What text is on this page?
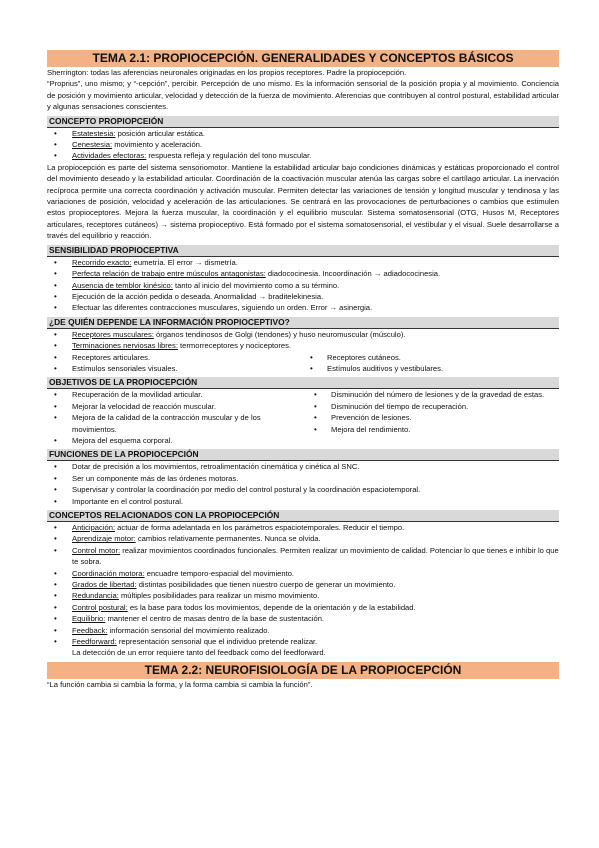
TEMA 2.1: PROPIOCEPCIÓN. GENERALIDADES Y CONCEPTOS BÁSICOS

Sherrington: todas las aferencias neuronales originadas en los propios receptores. Padre la propiocepción.

“Proprius”, uno mismo; y “-cepción”, percibir. Percepción de uno mismo. Es la información sensorial de la posición propia y al movimiento. Conciencia de posición y movimiento articular, velocidad y detección de la fuerza de movimiento. Aferencias que contribuyen al control postural, estabilidad articular y algunas sensaciones conscientes.

CONCEPTO PROPIOPCEIÓN
• Estatestesia: posición articular estática.
• Cenestesia: movimiento y aceleración.
• Actividades efectoras: respuesta refleja y regulación del tono muscular.

La propiocepción es parte del sistema sensoriomotor. Mantiene la estabilidad articular bajo condiciones dinámicas y estáticas proporcionado el control del movimiento deseado y la estabilidad articular. Coordinación de la coactivación muscular atenúa las cargas sobre el cartílago articular. La inervación recíproca permite una correcta coordinación y activación muscular. Permiten detectar las variaciones de tensión y longitud muscular y tendinosa y las variaciones de posición, velocidad y aceleración de las articulaciones. Se centrará en las provocaciones de perturbaciones o cambios que estimulen estos propioceptores. Mejora la fuerza muscular, la coordinación y el equilibrio muscular. Sistema somatosensorial (OTG, Husos M, Receptores articulares, receptores cutáneos) → sistema propioceptivo. Está formado por el sistema somatosensorial, el vestibular y el visual. Suele desarrollarse a través del equilibrio y reacción.

SENSIBILIDAD PROPIOCEPTIVA
• Recorrido exacto: eumetría. El error → dismetría.
• Perfecta relación de trabajo entre músculos antagonistas: diadococinesia. Incoordinación → adiadococinesia.
• Ausencia de temblor kinésico: tanto al inicio del movimiento como a su término.
• Ejecución de la acción pedida o deseada. Anormalidad → braditelekinesia.
• Efectuar las diferentes contracciones musculares, siguiendo un orden. Error → asinergia.
¿DE QUIÉN DEPENDE LA INFORMACIÓN PROPIOCEPTIVO?
• Receptores musculares: órganos tendinosos de Golgi (tendones) y huso neuromuscular (músculo).
• Terminaciones nerviosas libres: termorreceptores y nociceptores.
• Receptores articulares.
• Estímulos sensoriales visuales.
• Receptores cutáneos.
• Estímulos auditivos y vestibulares.
OBJETIVOS DE LA PROPIOCEPCIÓN
• Recuperación de la movilidad articular.
• Mejorar la velocidad de reacción muscular.
• Mejora de la calidad de la contracción muscular y de los movimientos.
• Mejora del esquema corporal.
• Disminución del número de lesiones y de la gravedad de estas.
• Disminución del tiempo de recuperación.
• Prevención de lesiones.
• Mejora del rendimiento.
FUNCIONES DE LA PROPIOCEPCIÓN
• Dotar de precisión a los movimientos, retroalimentación cinemática y cinética al SNC.
• Ser un componente más de las órdenes motoras.
• Supervisar y controlar la coordinación por medio del control postural y la coordinación espaciotemporal.
• Importante en el control postural.
CONCEPTOS RELACIONADOS CON LA PROPIOCEPCIÓN
• Anticipación: actuar de forma adelantada en los parámetros espaciotemporales. Reducir el tiempo.
• Aprendizaje motor: cambios relativamente permanentes. Nunca se olvida.
• Control motor: realizar movimientos coordinados funcionales. Permiten realizar un movimiento de calidad. Potenciar lo que tienes e inhibir lo que te sobra.
• Coordinación motora: encuadre temporo-espacial del movimiento.
• Grados de libertad: distintas posibilidades que tienen nuestro cuerpo de generar un movimiento.
• Redundancia: múltiples posibilidades para realizar un mismo movimiento.
• Control postural: es la base para todos los movimientos, depende de la orientación y de la estabilidad.
• Equilibrio: mantener el centro de masas dentro de la base de sustentación.
• Feedback: información sensorial del movimiento realizado.
• Feedforward: representación sensorial que el individuo pretende realizar.
La detección de un error requiere tanto del feedback como del feedforward.
TEMA 2.2: NEUROFISIOLOGÍA DE LA PROPIOCEPCIÓN

“La función cambia si cambia la forma, y la forma cambia si cambia la función”.
